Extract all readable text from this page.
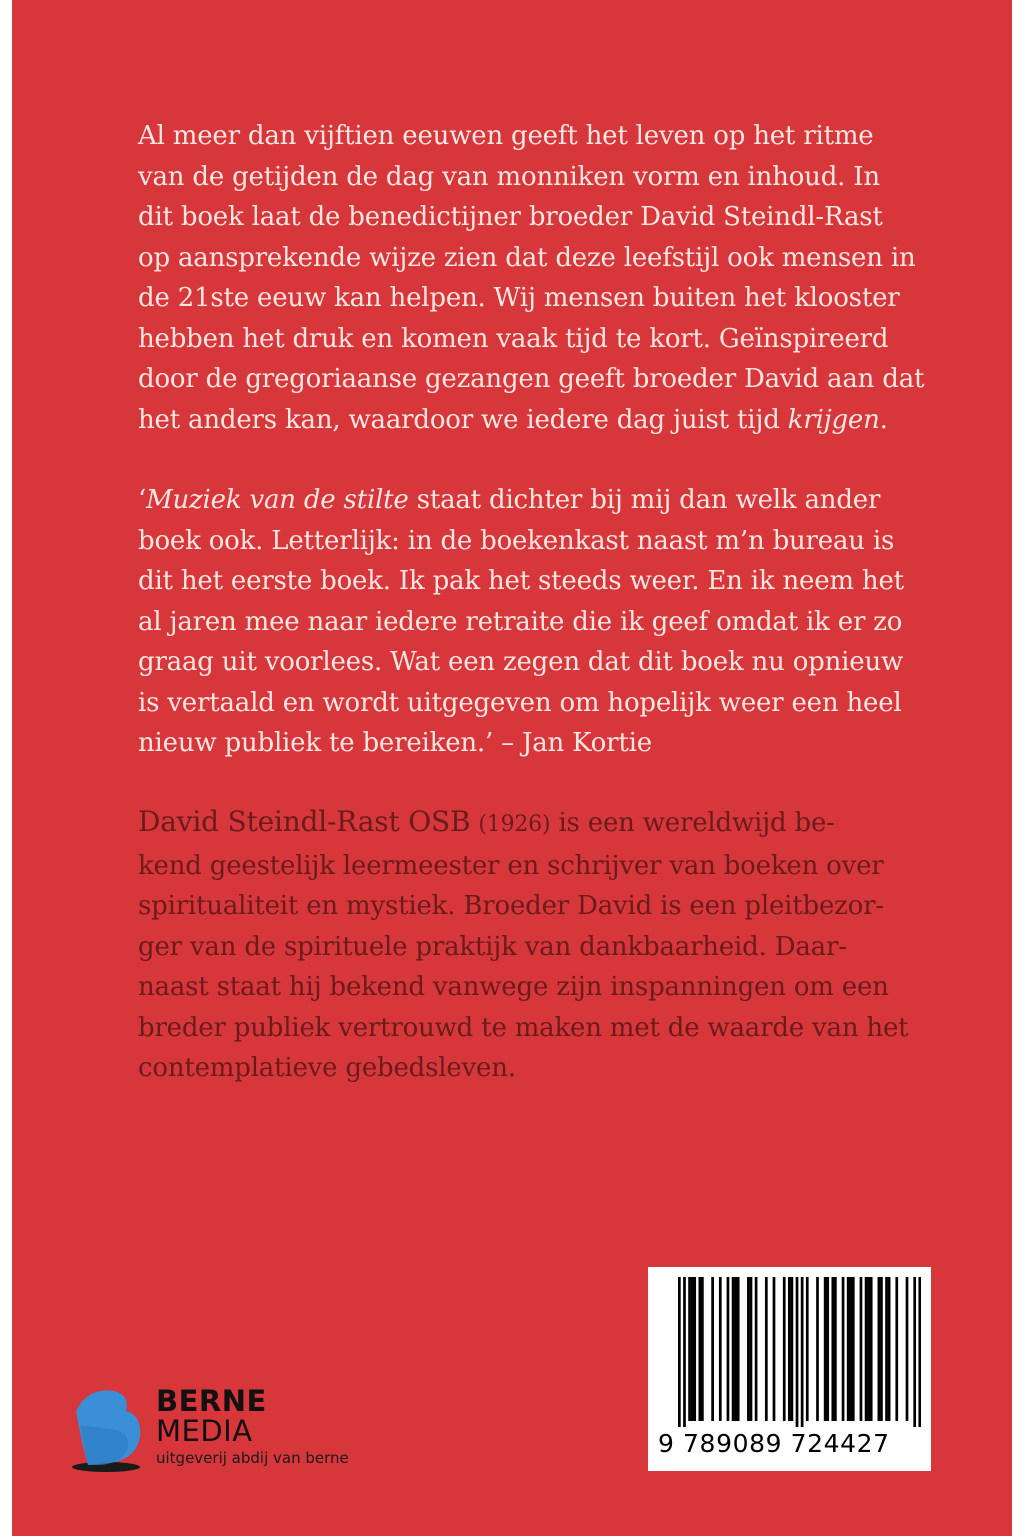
Al meer dan vijftien eeuwen geeft het leven op het ritme
van de getijden de dag van monniken vorm en inhoud. In
dit boek laat de benedictijner broeder David Steindl-Rast
op aansprekende wijze zien dat deze leefstijl ook mensen in
de 21ste eeuw kan helpen. Wij mensen buiten het klooster
hebben het druk en komen vaak tijd te kort. Geïnspireerd
door de gregoriaanse gezangen geeft broeder David aan dat
het anders kan, waardoor we iedere dag juist tijd krijgen.
‘Muziek van de stilte staat dichter bij mij dan welk ander
boek ook. Letterlijk: in de boekenkast naast m’n bureau is
dit het eerste boek. Ik pak het steeds weer. En ik neem het
al jaren mee naar iedere retraite die ik geef omdat ik er zo
graag uit voorlees. Wat een zegen dat dit boek nu opnieuw
is vertaald en wordt uitgegeven om hopelijk weer een heel
nieuw publiek te bereiken.’ – Jan Kortie
David Steindl-Rast OSB (1926) is een wereldwijd be-
kend geestelijk leermeester en schrijver van boeken over
spiritualiteit en mystiek. Broeder David is een pleitbezor-
ger van de spirituele praktijk van dankbaarheid. Daar-
naast staat hij bekend vanwege zijn inspanningen om een
breder publiek vertrouwd te maken met de waarde van het
contemplatieve gebedsleven.
BERNE
MEDIA
uitgeverij abdij van berne	9 789089 724427
